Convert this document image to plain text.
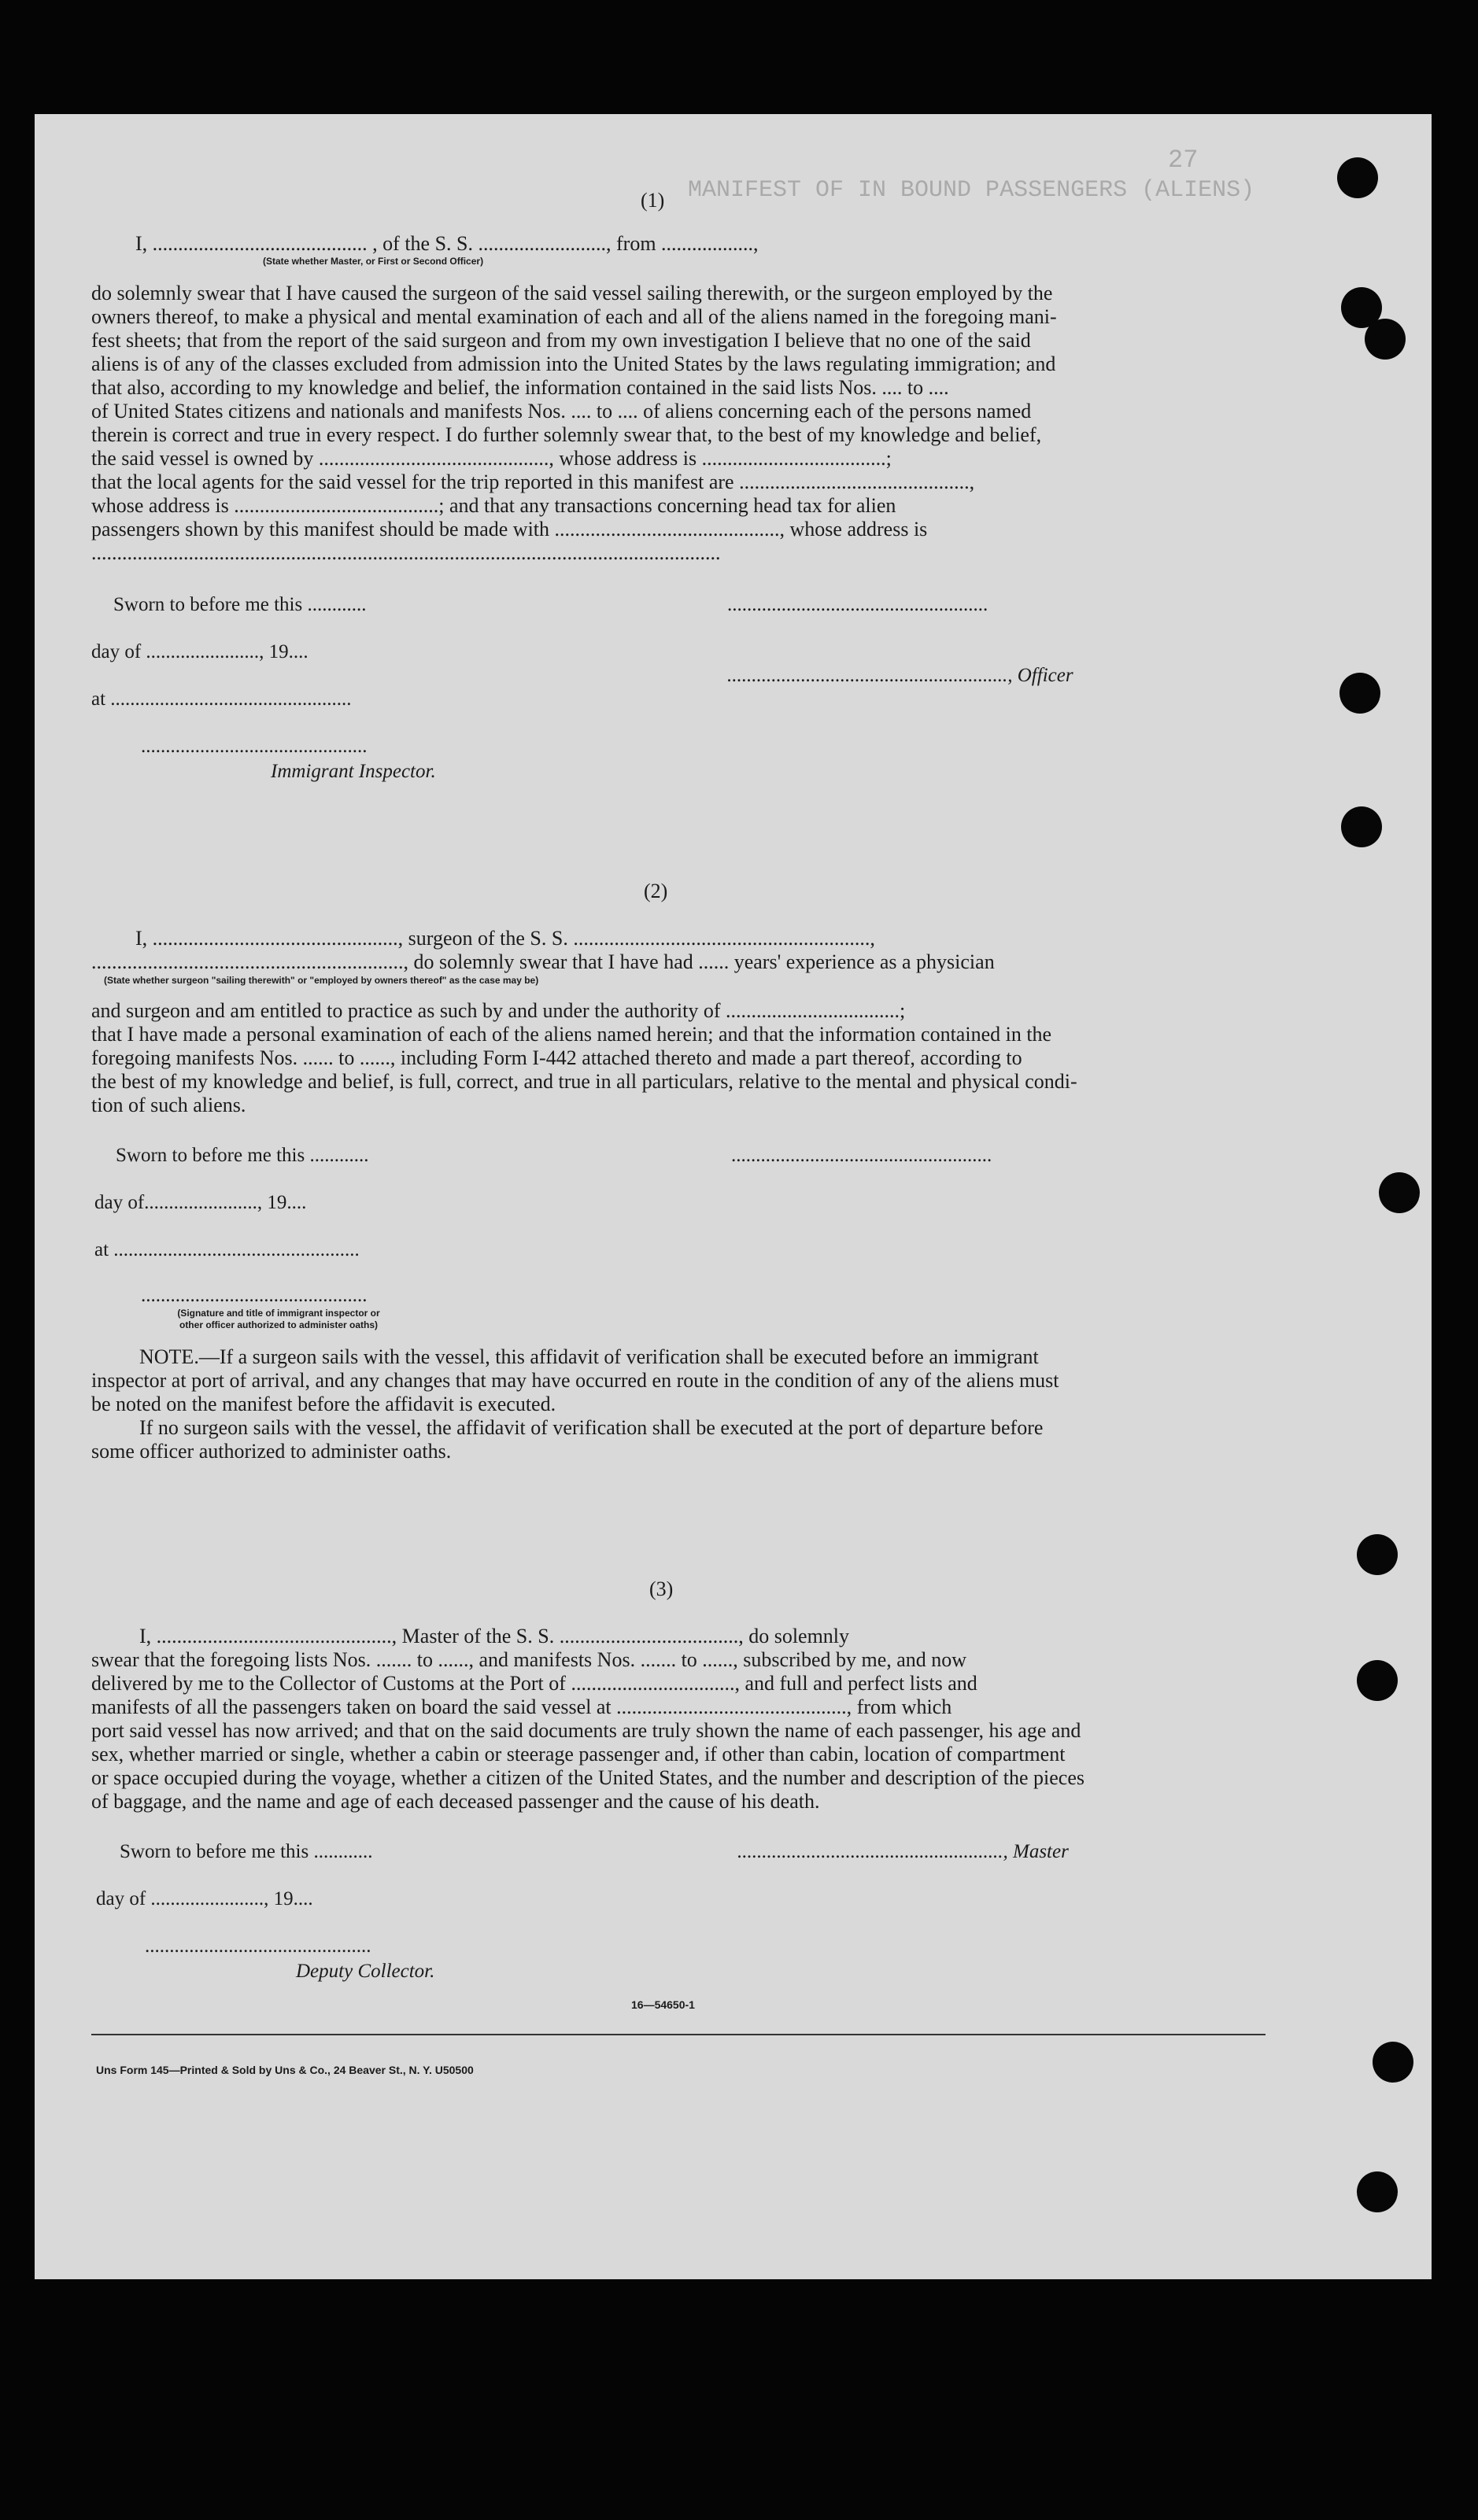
MANIFEST OF IN BOUND PASSENGERS (ALIENS)
27
(1)
I, .......................................... , of the S. S. ........................., from ..................,
(State whether Master, or First or Second Officer)
do solemnly swear that I have caused the surgeon of the said vessel sailing therewith, or the surgeon employed by the
owners thereof, to make a physical and mental examination of each and all of the aliens named in the foregoing mani-
fest sheets; that from the report of the said surgeon and from my own investigation I believe that no one of the said
aliens is of any of the classes excluded from admission into the United States by the laws regulating immigration; and
that also, according to my knowledge and belief, the information contained in the said lists Nos. .... to ....
of United States citizens and nationals and manifests Nos. .... to .... of aliens concerning each of the persons named
therein is correct and true in every respect. I do further solemnly swear that, to the best of my knowledge and belief,
the said vessel is owned by ............................................., whose address is ....................................;
that the local agents for the said vessel for the trip reported in this manifest are .............................................,
whose address is ........................................; and that any transactions concerning head tax for alien
passengers shown by this manifest should be made with ............................................, whose address is
...........................................................................................................................
Sworn to before me this ............	.....................................................
day of ......................., 19....
........................................................., Officer
at .................................................
..............................................
Immigrant Inspector.
(2)
I, ................................................, surgeon of the S. S. ..........................................................,
............................................................., do solemnly swear that I have had ...... years' experience as a physician
(State whether surgeon "sailing therewith" or "employed by owners thereof" as the case may be)
and surgeon and am entitled to practice as such by and under the authority of ..................................;
that I have made a personal examination of each of the aliens named herein; and that the information contained in the
foregoing manifests Nos. ...... to ......, including Form I-442 attached thereto and made a part thereof, according to
the best of my knowledge and belief, is full, correct, and true in all particulars, relative to the mental and physical condi-
tion of such aliens.
Sworn to before me this ............	.....................................................
day of......................., 19....
at ..................................................
..............................................
(Signature and title of immigrant inspector or
other officer authorized to administer oaths)
NOTE.—If a surgeon sails with the vessel, this affidavit of verification shall be executed before an immigrant
inspector at port of arrival, and any changes that may have occurred en route in the condition of any of the aliens must
be noted on the manifest before the affidavit is executed.
If no surgeon sails with the vessel, the affidavit of verification shall be executed at the port of departure before
some officer authorized to administer oaths.
(3)
I, .............................................., Master of the S. S. ..................................., do solemnly
swear that the foregoing lists Nos. ....... to ......, and manifests Nos. ....... to ......, subscribed by me, and now
delivered by me to the Collector of Customs at the Port of ................................, and full and perfect lists and
manifests of all the passengers taken on board the said vessel at ............................................., from which
port said vessel has now arrived; and that on the said documents are truly shown the name of each passenger, his age and
sex, whether married or single, whether a cabin or steerage passenger and, if other than cabin, location of compartment
or space occupied during the voyage, whether a citizen of the United States, and the number and description of the pieces
of baggage, and the name and age of each deceased passenger and the cause of his death.
Sworn to before me this ............	......................................................, Master
day of ......................., 19....
..............................................
Deputy Collector.
16—54650-1
Uns Form 145—Printed & Sold by Uns & Co., 24 Beaver St., N. Y. U50500
